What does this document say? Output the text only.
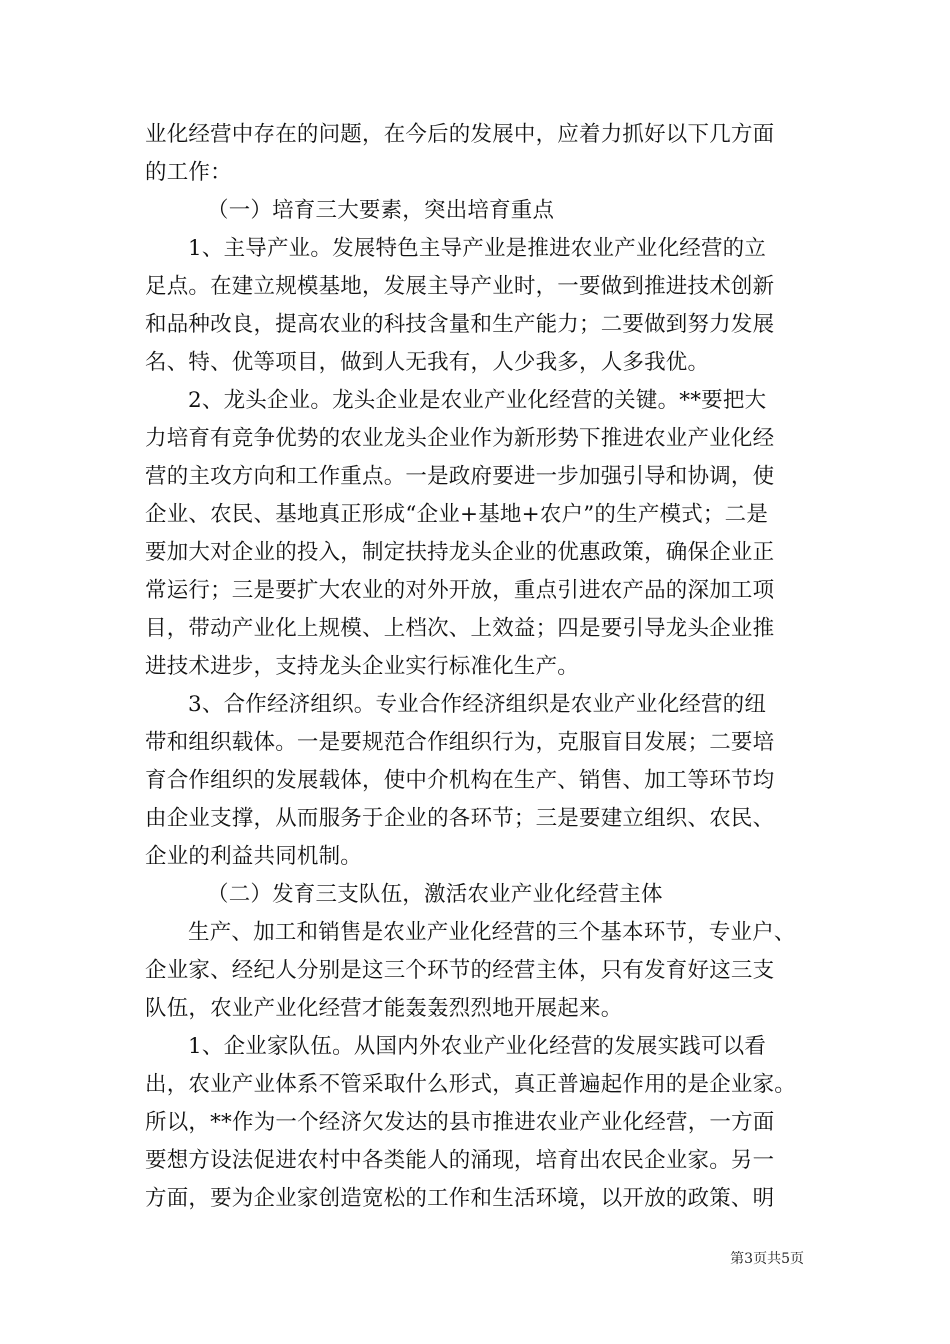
业化经营中存在的问题，在今后的发展中，应着力抓好以下几方面
的工作：
（一）培育三大要素，突出培育重点
1、主导产业。发展特色主导产业是推进农业产业化经营的立
足点。在建立规模基地，发展主导产业时，一要做到推进技术创新
和品种改良，提高农业的科技含量和生产能力；二要做到努力发展
名、特、优等项目，做到人无我有，人少我多，人多我优。
2、龙头企业。龙头企业是农业产业化经营的关键。**要把大
力培育有竞争优势的农业龙头企业作为新形势下推进农业产业化经
营的主攻方向和工作重点。一是政府要进一步加强引导和协调，使
企业、农民、基地真正形成“企业+基地+农户”的生产模式；二是
要加大对企业的投入，制定扶持龙头企业的优惠政策，确保企业正
常运行；三是要扩大农业的对外开放，重点引进农产品的深加工项
目，带动产业化上规模、上档次、上效益；四是要引导龙头企业推
进技术进步，支持龙头企业实行标准化生产。
3、合作经济组织。专业合作经济组织是农业产业化经营的纽
带和组织载体。一是要规范合作组织行为，克服盲目发展；二要培
育合作组织的发展载体，使中介机构在生产、销售、加工等环节均
由企业支撑，从而服务于企业的各环节；三是要建立组织、农民、
企业的利益共同机制。
（二）发育三支队伍，激活农业产业化经营主体
生产、加工和销售是农业产业化经营的三个基本环节，专业户、
企业家、经纪人分别是这三个环节的经营主体，只有发育好这三支
队伍，农业产业化经营才能轰轰烈烈地开展起来。
1、企业家队伍。从国内外农业产业化经营的发展实践可以看
出，农业产业体系不管采取什么形式，真正普遍起作用的是企业家。
所以，**作为一个经济欠发达的县市推进农业产业化经营，一方面
要想方设法促进农村中各类能人的涌现，培育出农民企业家。另一
方面，要为企业家创造宽松的工作和生活环境，以开放的政策、明
第3页共5页
